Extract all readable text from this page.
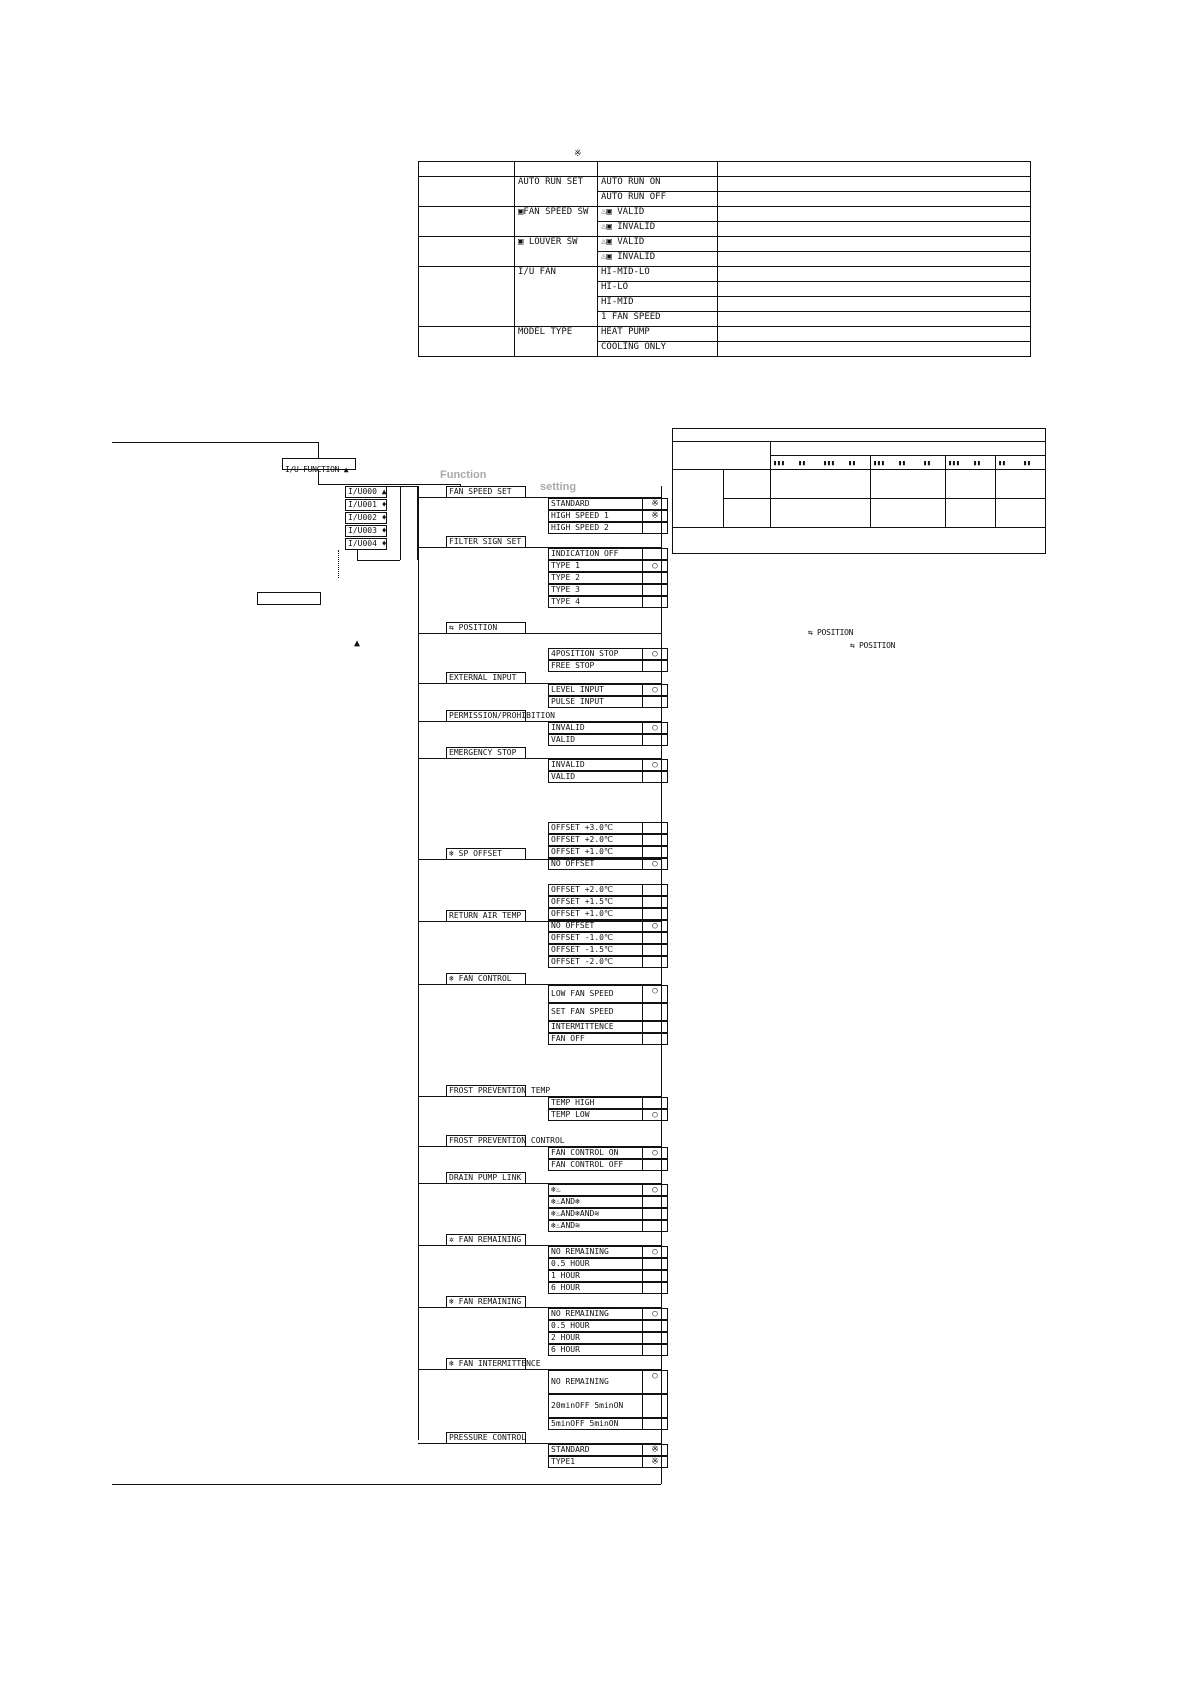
※

	AUTO RUN SET	AUTO RUN ON	
		AUTO RUN OFF	
	▣FAN SPEED SW	♨▣ VALID	
		♨▣ INVALID	
	▣ LOUVER SW	♨▣ VALID	
		♨▣ INVALID	
	I/U FAN	HI-MID-LO	
		HI-LO	
		HI-MID	
		1 FAN SPEED	
	MODEL TYPE	HEAT PUMP	
		COOLING ONLY	
I/U FUNCTION ▲	Function
setting
I/U000 ▲
I/U001 ♦
I/U002 ♦
I/U003 ♦
I/U004 ♦
▲
FAN SPEED SET
STANDARD	※
HIGH SPEED 1	※
HIGH SPEED 2
FILTER SIGN SET
INDICATION OFF
TYPE 1	○
TYPE 2
TYPE 3
TYPE 4
⇆ POSITION
4POSITION STOP	○
FREE STOP
EXTERNAL INPUT
LEVEL INPUT	○
PULSE INPUT
PERMISSION/PROHIBITION
INVALID	○
VALID
EMERGENCY STOP
INVALID	○
VALID
❄ SP OFFSET
OFFSET +3.0℃
OFFSET +2.0℃
OFFSET +1.0℃
NO OFFSET	○
RETURN AIR TEMP
OFFSET +2.0℃
OFFSET +1.5℃
OFFSET +1.0℃
NO OFFSET	○
OFFSET -1.0℃
OFFSET -1.5℃
OFFSET -2.0℃
❄ FAN CONTROL
LOW FAN SPEED	○
SET FAN SPEED
INTERMITTENCE
FAN OFF
FROST PREVENTION TEMP
TEMP HIGH
TEMP LOW	○
FROST PREVENTION CONTROL
FAN CONTROL ON	○
FAN CONTROL OFF
DRAIN PUMP LINK
❄♨	○
❄♨AND❄
❄♨AND❄AND≋
❄♨AND≋
✲ FAN REMAINING
NO REMAINING	○
0.5 HOUR
1 HOUR
6 HOUR
❄ FAN REMAINING
NO REMAINING	○
0.5 HOUR
2 HOUR
6 HOUR
❄ FAN INTERMITTENCE
NO REMAINING
○
20minOFF 5minON
5minOFF 5minON
PRESSURE CONTROL
STANDARD	※
TYPE1	※
▮▮▮ ▮▮ ▮▮▮ ▮▮ ▮▮▮ ▮▮ ▮▮ ▮▮▮ ▮▮ ▮▮ ▮▮
⇆ POSITION
⇆ POSITION
